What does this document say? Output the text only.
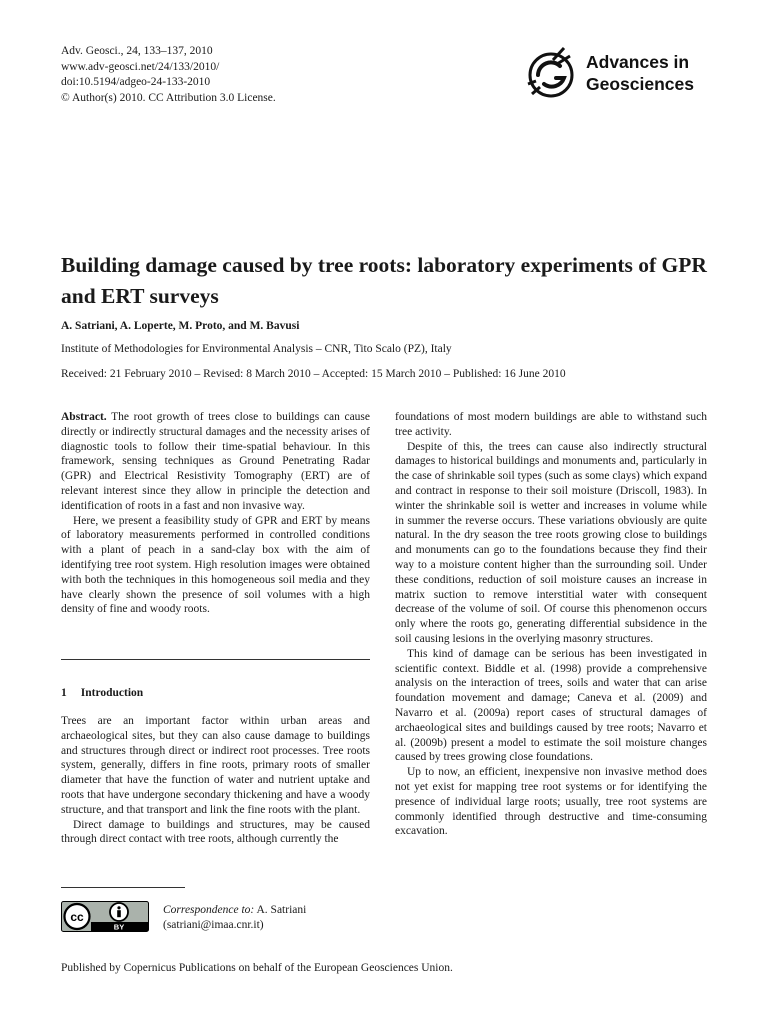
Adv. Geosci., 24, 133–137, 2010
www.adv-geosci.net/24/133/2010/
doi:10.5194/adgeo-24-133-2010
© Author(s) 2010. CC Attribution 3.0 License.
Advances in
Geosciences
Building damage caused by tree roots: laboratory experiments of GPR and ERT surveys
A. Satriani, A. Loperte, M. Proto, and M. Bavusi
Institute of Methodologies for Environmental Analysis – CNR, Tito Scalo (PZ), Italy
Received: 21 February 2010 – Revised: 8 March 2010 – Accepted: 15 March 2010 – Published: 16 June 2010

Abstract. The root growth of trees close to buildings can cause directly or indirectly structural damages and the necessity arises of diagnostic tools to follow their time-spatial behaviour. In this framework, sensing techniques as Ground Penetrating Radar (GPR) and Electrical Resistivity Tomography (ERT) are of relevant interest since they allow in principle the detection and identification of roots in a fast and non invasive way.

Here, we present a feasibility study of GPR and ERT by means of laboratory measurements performed in controlled conditions with a plant of peach in a sand-clay box with the aim of identifying tree root system. High resolution images were obtained with both the techniques in this homogeneous soil media and they have clearly shown the presence of soil volumes with a high density of fine and woody roots.

1 Introduction

Trees are an important factor within urban areas and archaeological sites, but they can also cause damage to buildings and structures through direct or indirect root processes. Tree roots system, generally, differs in fine roots, primary roots of smaller diameter that have the function of water and nutrient uptake and roots that have undergone secondary thickening and have a woody structure, and that transport and link the fine roots with the plant.

Direct damage to buildings and structures, may be caused through direct contact with tree roots, although currently the

foundations of most modern buildings are able to withstand such tree activity.

Despite of this, the trees can cause also indirectly structural damages to historical buildings and monuments and, particularly in the case of shrinkable soil types (such as some clays) which expand and contract in response to their soil moisture (Driscoll, 1983). In winter the shrinkable soil is wetter and increases in volume while in summer the reverse occurs. These variations obviously are quite natural. In the dry season the tree roots growing close to buildings and monuments can go to the foundations because they find their way to a moisture content higher than the surrounding soil. Under these conditions, reduction of soil moisture causes an increase in matrix suction to remove interstitial water with consequent decrease of the volume of soil. Of course this phenomenon occurs only where the roots go, generating differential subsidence in the soil causing lesions in the overlying masonry structures.

This kind of damage can be serious has been investigated in scientific context. Biddle et al. (1998) provide a comprehensive analysis on the interaction of trees, soils and water that can arise foundation movement and damage; Caneva et al. (2009) and Navarro et al. (2009a) report cases of structural damages of archaeological sites and buildings caused by tree roots; Navarro et al. (2009b) present a model to estimate the soil moisture changes caused by trees growing close foundations.

Up to now, an efficient, inexpensive non invasive method does not yet exist for mapping tree root systems or for identifying the presence of individual large roots; usually, tree root systems are commonly identified through destructive and time-consuming excavation.

cc
BY
Correspondence to: A. Satriani
(satriani@imaa.cnr.it)
Published by Copernicus Publications on behalf of the European Geosciences Union.
